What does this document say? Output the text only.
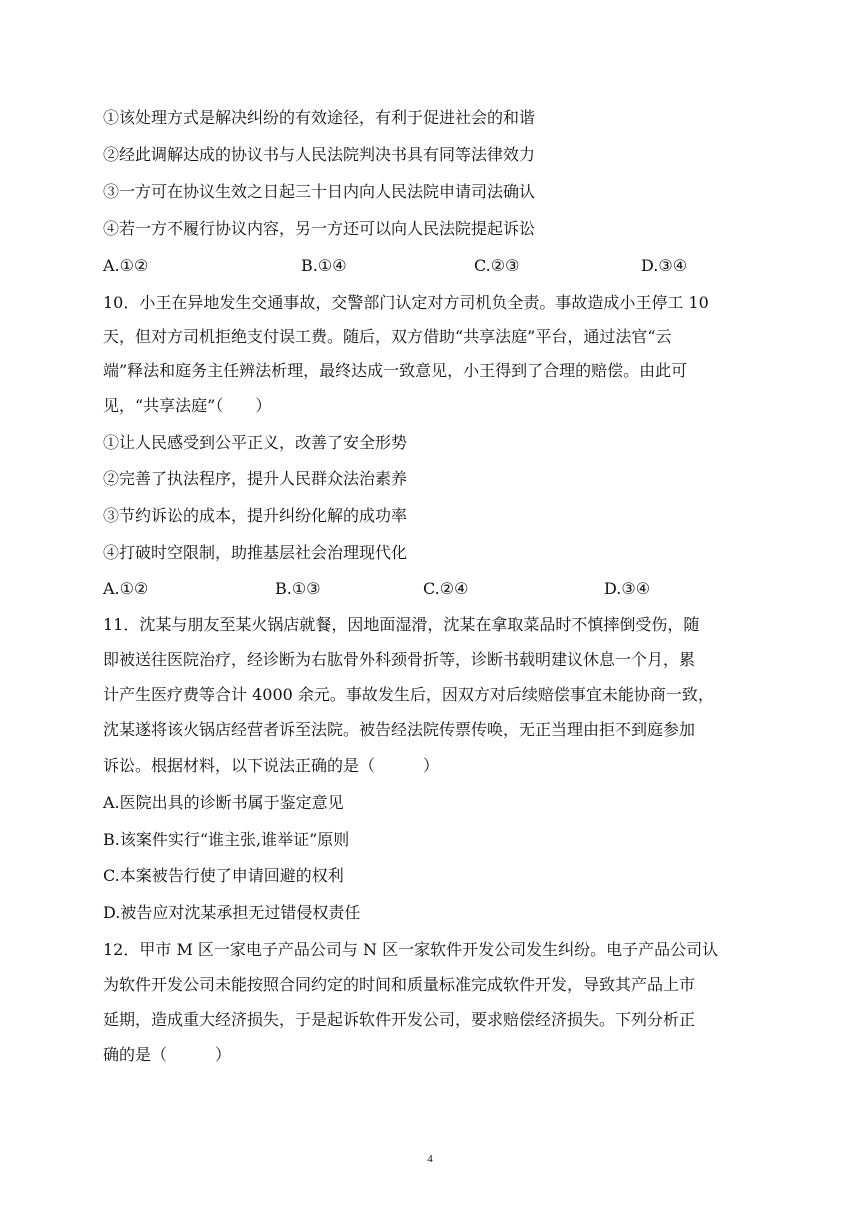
①该处理方式是解决纠纷的有效途径，有利于促进社会的和谐
②经此调解达成的协议书与人民法院判决书具有同等法律效力
③一方可在协议生效之日起三十日内向人民法院申请司法确认
④若一方不履行协议内容，另一方还可以向人民法院提起诉讼
A.①②	B.①④	C.②③	D.③④
10．小王在异地发生交通事故，交警部门认定对方司机负全责。事故造成小王停工 10
天，但对方司机拒绝支付误工费。随后，双方借助“共享法庭”平台，通过法官“云
端”释法和庭务主任辨法析理，最终达成一致意见，小王得到了合理的赔偿。由此可
见，“共享法庭”（　　）
①让人民感受到公平正义，改善了安全形势
②完善了执法程序，提升人民群众法治素养
③节约诉讼的成本，提升纠纷化解的成功率
④打破时空限制，助推基层社会治理现代化
A.①②	B.①③	C.②④	D.③④
11．沈某与朋友至某火锅店就餐，因地面湿滑，沈某在拿取菜品时不慎摔倒受伤，随
即被送往医院治疗，经诊断为右肱骨外科颈骨折等，诊断书载明建议休息一个月，累
计产生医疗费等合计 4000 余元。事故发生后，因双方对后续赔偿事宜未能协商一致，
沈某遂将该火锅店经营者诉至法院。被告经法院传票传唤，无正当理由拒不到庭参加
诉讼。根据材料，以下说法正确的是（　　　）
A.医院出具的诊断书属于鉴定意见
B.该案件实行“谁主张,谁举证”原则
C.本案被告行使了申请回避的权利
D.被告应对沈某承担无过错侵权责任
12．甲市 M 区一家电子产品公司与 N 区一家软件开发公司发生纠纷。电子产品公司认
为软件开发公司未能按照合同约定的时间和质量标准完成软件开发，导致其产品上市
延期，造成重大经济损失，于是起诉软件开发公司，要求赔偿经济损失。下列分析正
确的是（　　　）
4
